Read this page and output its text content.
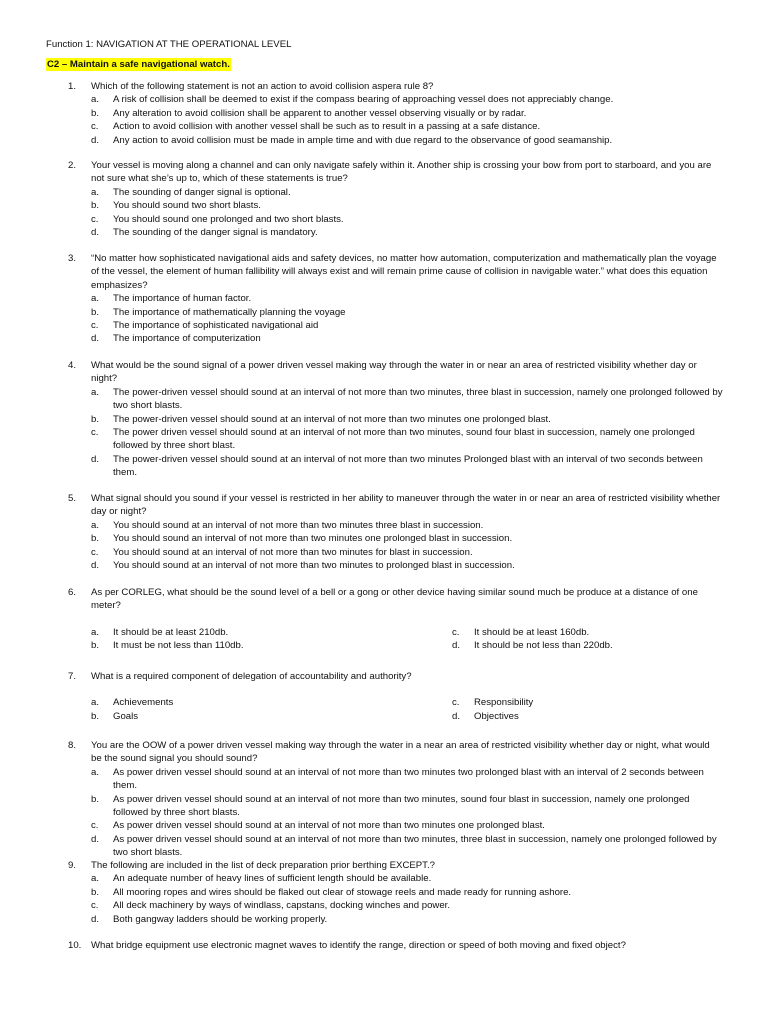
Function 1: NAVIGATION AT THE OPERATIONAL LEVEL
C2 – Maintain a safe navigational watch.
1. Which of the following statement is not an action to avoid collision aspera rule 8?
a. A risk of collision shall be deemed to exist if the compass bearing of approaching vessel does not appreciably change.
b. Any alteration to avoid collision shall be apparent to another vessel observing visually or by radar.
c. Action to avoid collision with another vessel shall be such as to result in a passing at a safe distance.
d. Any action to avoid collision must be made in ample time and with due regard to the observance of good seamanship.
2. Your vessel is moving along a channel and can only navigate safely within it. Another ship is crossing your bow from port to starboard, and you are not sure what she’s up to, which of these statements is true?
a. The sounding of danger signal is optional.
b. You should sound two short blasts.
c. You should sound one prolonged and two short blasts.
d. The sounding of the danger signal is mandatory.
3. “No matter how sophisticated navigational aids and safety devices, no matter how automation, computerization and mathematically plan the voyage of the vessel, the element of human fallibility will always exist and will remain prime cause of collision in navigable water.” what does this equation emphasizes?
a. The importance of human factor.
b. The importance of mathematically planning the voyage
c. The importance of sophisticated navigational aid
d. The importance of computerization
4. What would be the sound signal of a power driven vessel making way through the water in or near an area of restricted visibility whether day or night?
a. The power-driven vessel should sound at an interval of not more than two minutes, three blast in succession, namely one prolonged followed by two short blasts.
b. The power-driven vessel should sound at an interval of not more than two minutes one prolonged blast.
c. The power driven vessel should sound at an interval of not more than two minutes, sound four blast in succession, namely one prolonged followed by three short blast.
d. The power-driven vessel should sound at an interval of not more than two minutes Prolonged blast with an interval of two seconds between them.
5. What signal should you sound if your vessel is restricted in her ability to maneuver through the water in or near an area of restricted visibility whether day or night?
a. You should sound at an interval of not more than two minutes three blast in succession.
b. You should sound an interval of not more than two minutes one prolonged blast in succession.
c. You should sound at an interval of not more than two minutes for blast in succession.
d. You should sound at an interval of not more than two minutes to prolonged blast in succession.
6. As per CORLEG, what should be the sound level of a bell or a gong or other device having similar sound much be produce at a distance of one meter?
a. It should be at least 210db.	c. It should be at least 160db.
b. It must be not less than 110db.	d. It should be not less than 220db.
7. What is a required component of delegation of accountability and authority?
a. Achievements	c. Responsibility
b. Goals	d. Objectives
8. You are the OOW of a power driven vessel making way through the water in a near an area of restricted visibility whether day or night, what would be the sound signal you should sound?
a. As power driven vessel should sound at an interval of not more than two minutes two prolonged blast with an interval of 2 seconds between them.
b. As power driven vessel should sound at an interval of not more than two minutes, sound four blast in succession, namely one prolonged followed by three short blasts.
c. As power driven vessel should sound at an interval of not more than two minutes one prolonged blast.
d. As power driven vessel should sound at an interval of not more than two minutes, three blast in succession, namely one prolonged followed by two short blasts.
9. The following are included in the list of deck preparation prior berthing EXCEPT.?
a. An adequate number of heavy lines of sufficient length should be available.
b. All mooring ropes and wires should be flaked out clear of stowage reels and made ready for running ashore.
c. All deck machinery by ways of windlass, capstans, docking winches and power.
d. Both gangway ladders should be working properly.
10. What bridge equipment use electronic magnet waves to identify the range, direction or speed of both moving and fixed object?
